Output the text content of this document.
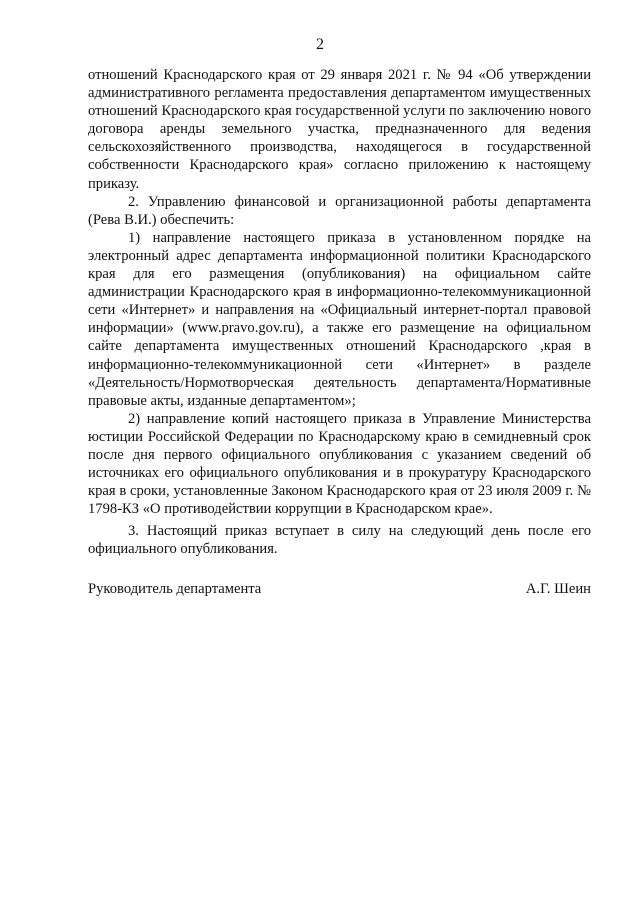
2

отношений Краснодарского края от 29 января 2021 г. № 94 «Об утверждении административного регламента предоставления департаментом имущественных отношений Краснодарского края государственной услуги по заключению нового договора аренды земельного участка, предназначенного для ведения сельскохозяйственного производства, находящегося в государственной собственности Краснодарского края» согласно приложению к настоящему приказу.

2. Управлению финансовой и организационной работы департамента (Рева В.И.) обеспечить:

1) направление настоящего приказа в установленном порядке на электронный адрес департамента информационной политики Краснодарского края для его размещения (опубликования) на официальном сайте администрации Краснодарского края в информационно-телекоммуникационной сети «Интернет» и направления на «Официальный интернет-портал правовой информации» (www.pravo.gov.ru), а также его размещение на официальном сайте департамента имущественных отношений Краснодарского ,края в информационно-телекоммуникационной сети «Интернет» в разделе «Деятельность/Нормотворческая деятельность департамента/Нормативные правовые акты, изданные департаментом»;

2) направление копий настоящего приказа в Управление Министерства юстиции Российской Федерации по Краснодарскому краю в семидневный срок после дня первого официального опубликования с указанием сведений об источниках его официального опубликования и в прокуратуру Краснодарского края в сроки, установленные Законом Краснодарского края от 23 июля 2009 г. № 1798-КЗ «О противодействии коррупции в Краснодарском крае».

3. Настоящий приказ вступает в силу на следующий день после его официального опубликования.

Руководитель департамента	А.Г. Шеин
